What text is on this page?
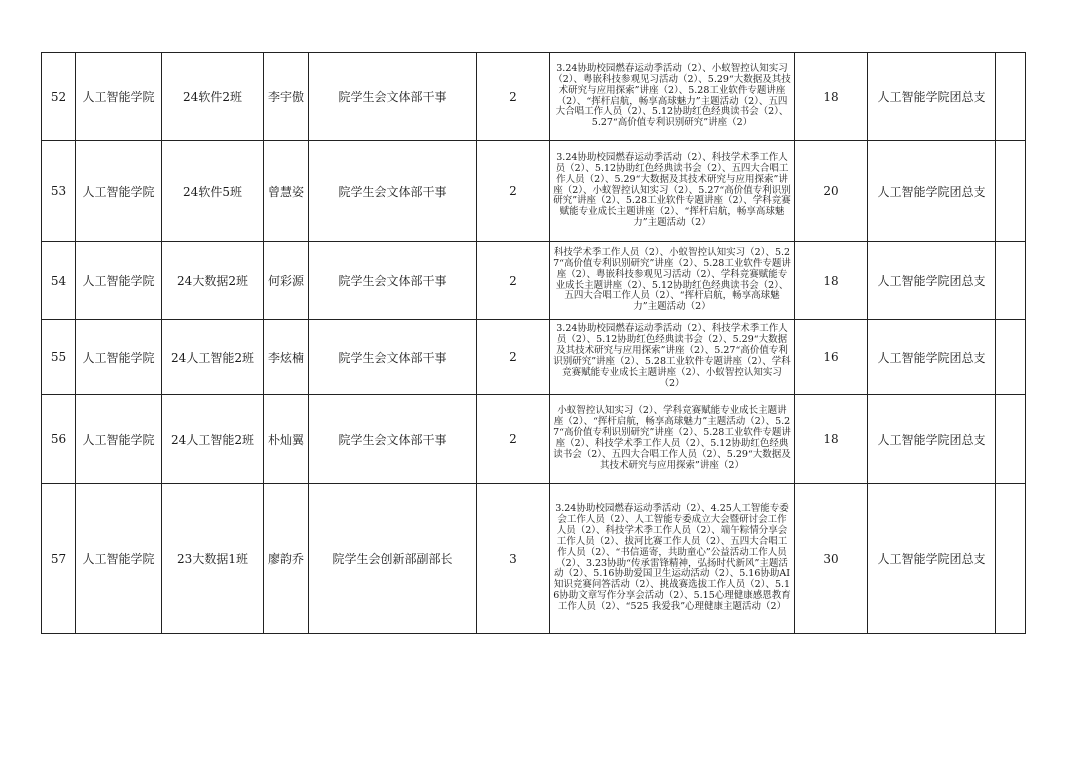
52	人工智能学院	24软件2班	李宇傲	院学生会文体部干事	2	3.24协助校园燃春运动季活动（2）、小蚁智控认知实习（2）、粤嵌科技参观见习活动（2）、5.29“大数据及其技术研究与应用探索”讲座（2）、5.28工业软件专题讲座（2）、“挥杆启航，畅享高球魅力”主题活动（2）、五四大合唱工作人员（2）、5.12协助红色经典读书会（2）、5.27“高价值专利识别研究”讲座（2）	18	人工智能学院团总支	
53	人工智能学院	24软件5班	曾慧姿	院学生会文体部干事	2	3.24协助校园燃春运动季活动（2）、科技学术季工作人员（2）、5.12协助红色经典读书会（2）、五四大合唱工作人员（2）、5.29“大数据及其技术研究与应用探索”讲座（2）、小蚁智控认知实习（2）、5.27“高价值专利识别研究”讲座（2）、5.28工业软件专题讲座（2）、学科竞赛赋能专业成长主题讲座（2）、“挥杆启航，畅享高球魅力”主题活动（2）	20	人工智能学院团总支	
54	人工智能学院	24大数据2班	何彩源	院学生会文体部干事	2	科技学术季工作人员（2）、小蚁智控认知实习（2）、5.27“高价值专利识别研究”讲座（2）、5.28工业软件专题讲座（2）、粤嵌科技参观见习活动（2）、学科竞赛赋能专业成长主题讲座（2）、5.12协助红色经典读书会（2）、五四大合唱工作人员（2）、“挥杆启航，畅享高球魅力”主题活动（2）	18	人工智能学院团总支	
55	人工智能学院	24人工智能2班	李炫楠	院学生会文体部干事	2	3.24协助校园燃春运动季活动（2）、科技学术季工作人员（2）、5.12协助红色经典读书会（2）、5.29“大数据及其技术研究与应用探索”讲座（2）、5.27“高价值专利识别研究”讲座（2）、5.28工业软件专题讲座（2）、学科竞赛赋能专业成长主题讲座（2）、小蚁智控认知实习（2）	16	人工智能学院团总支	
56	人工智能学院	24人工智能2班	朴灿翼	院学生会文体部干事	2	小蚁智控认知实习（2）、学科竞赛赋能专业成长主题讲座（2）、“挥杆启航，畅享高球魅力”主题活动（2）、5.27“高价值专利识别研究”讲座（2）、5.28工业软件专题讲座（2）、科技学术季工作人员（2）、5.12协助红色经典读书会（2）、五四大合唱工作人员（2）、5.29“大数据及其技术研究与应用探索”讲座（2）	18	人工智能学院团总支	
57	人工智能学院	23大数据1班	廖韵乔	院学生会创新部副部长	3	3.24协助校园燃春运动季活动（2）、4.25人工智能专委会工作人员（2）、人工智能专委成立大会暨研讨会工作人员（2）、科技学术季工作人员（2）、端午粽情分享会工作人员（2）、拔河比赛工作人员（2）、五四大合唱工作人员（2）、“书信遥寄，共助童心”公益活动工作人员（2）、3.23协助“传承雷锋精神，弘扬时代新风”主题活动（2）、5.16协助爱国卫生运动活动（2）、5.16协助AI知识竞赛问答活动（2）、挑战赛选拔工作人员（2）、5.16协助文章写作分享会活动（2）、5.15心理健康感恩教育工作人员（2）、“525 我爱我”心理健康主题活动（2）	30	人工智能学院团总支	
